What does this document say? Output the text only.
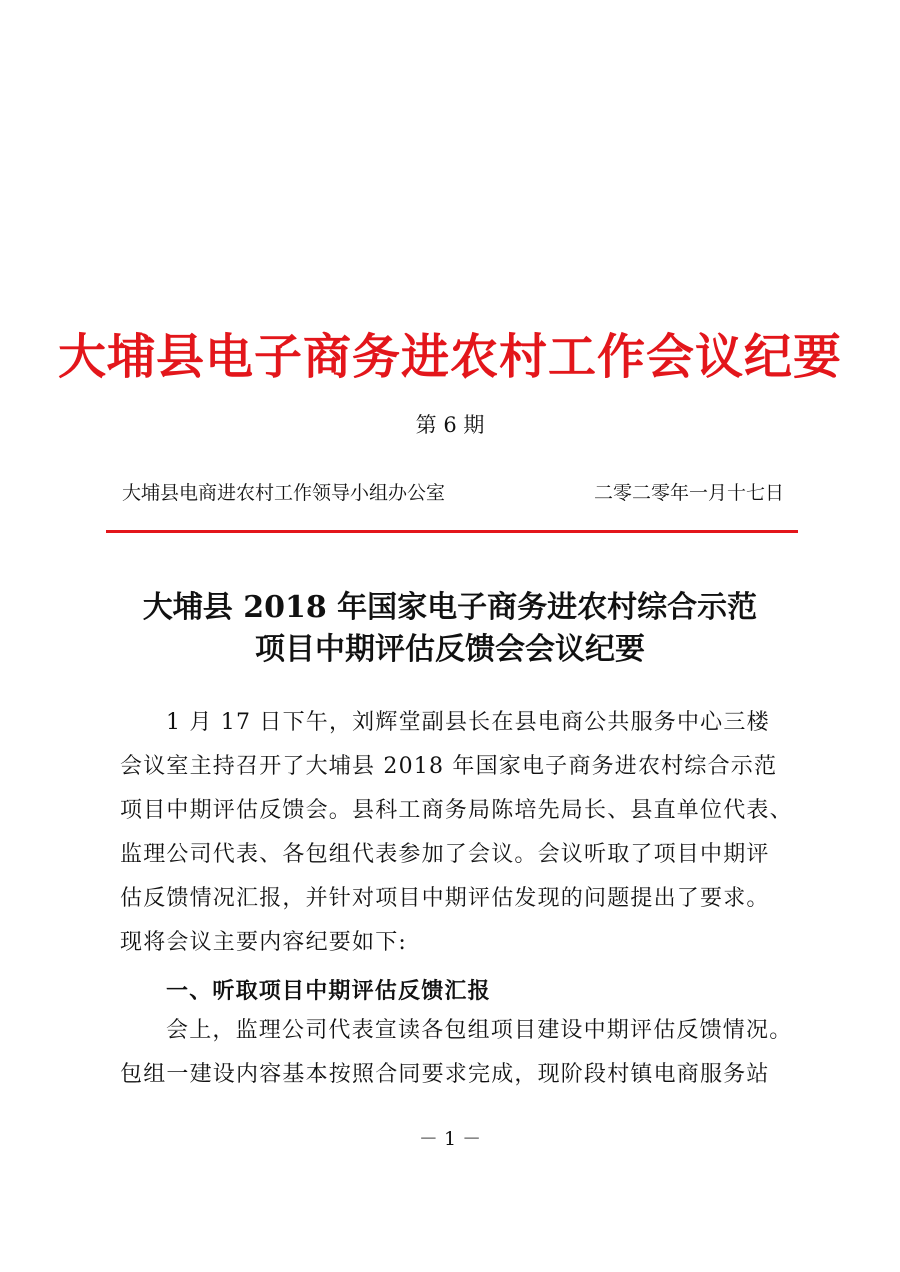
大埔县电子商务进农村工作会议纪要
第 6 期
大埔县电商进农村工作领导小组办公室	二零二零年一月十七日
大埔县 2018 年国家电子商务进农村综合示范
项目中期评估反馈会会议纪要
1 月 17 日下午，刘辉堂副县长在县电商公共服务中心三楼
会议室主持召开了大埔县 2018 年国家电子商务进农村综合示范
项目中期评估反馈会。县科工商务局陈培先局长、县直单位代表、
监理公司代表、各包组代表参加了会议。会议听取了项目中期评
估反馈情况汇报，并针对项目中期评估发现的问题提出了要求。
现将会议主要内容纪要如下:
一、听取项目中期评估反馈汇报
会上，监理公司代表宣读各包组项目建设中期评估反馈情况。
包组一建设内容基本按照合同要求完成，现阶段村镇电商服务站
－ 1 －
